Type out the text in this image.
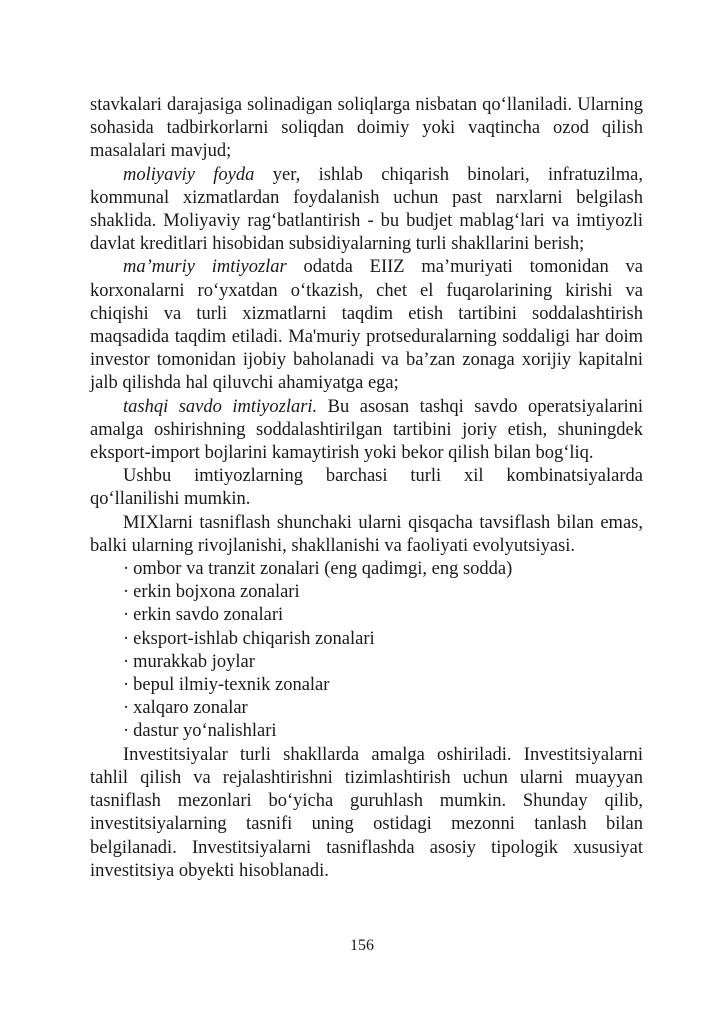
stavkalari darajasiga solinadigan soliqlarga nisbatan qo‘llaniladi. Ularning sohasida tadbirkorlarni soliqdan doimiy yoki vaqtincha ozod qilish masalalari mavjud;

moliyaviy foyda yer, ishlab chiqarish binolari, infratuzilma, kommunal xizmatlardan foydalanish uchun past narxlarni belgilash shaklida. Moliyaviy rag‘batlantirish - bu budjet mablag‘lari va imtiyozli davlat kreditlari hisobidan subsidiyalarning turli shakllarini berish;

ma’muriy imtiyozlar odatda EIIZ ma’muriyati tomonidan va korxonalarni ro‘yxatdan o‘tkazish, chet el fuqarolarining kirishi va chiqishi va turli xizmatlarni taqdim etish tartibini soddalashtirish maqsadida taqdim etiladi. Ma'muriy protseduralarning soddaligi har doim investor tomonidan ijobiy baholanadi va ba’zan zonaga xorijiy kapitalni jalb qilishda hal qiluvchi ahamiyatga ega;

tashqi savdo imtiyozlari. Bu asosan tashqi savdo operatsiyalarini amalga oshirishning soddalashtirilgan tartibini joriy etish, shuningdek eksport-import bojlarini kamaytirish yoki bekor qilish bilan bog‘liq.

Ushbu imtiyozlarning barchasi turli xil kombinatsiyalarda qo‘llanilishi mumkin.

MIXlarni tasniflash shunchaki ularni qisqacha tavsiflash bilan emas, balki ularning rivojlanishi, shakllanishi va faoliyati evolyutsiyasi.

· ombor va tranzit zonalari (eng qadimgi, eng sodda)
· erkin bojxona zonalari
· erkin savdo zonalari
· eksport-ishlab chiqarish zonalari
· murakkab joylar
· bepul ilmiy-texnik zonalar
· xalqaro zonalar
· dastur yo‘nalishlari

Investitsiyalar turli shakllarda amalga oshiriladi. Investitsiyalarni tahlil qilish va rejalashtirishni tizimlashtirish uchun ularni muayyan tasniflash mezonlari bo‘yicha guruhlash mumkin. Shunday qilib, investitsiyalarning tasnifi uning ostidagi mezonni tanlash bilan belgilanadi. Investitsiyalarni tasniflashda asosiy tipologik xususiyat investitsiya obyekti hisoblanadi.

156
